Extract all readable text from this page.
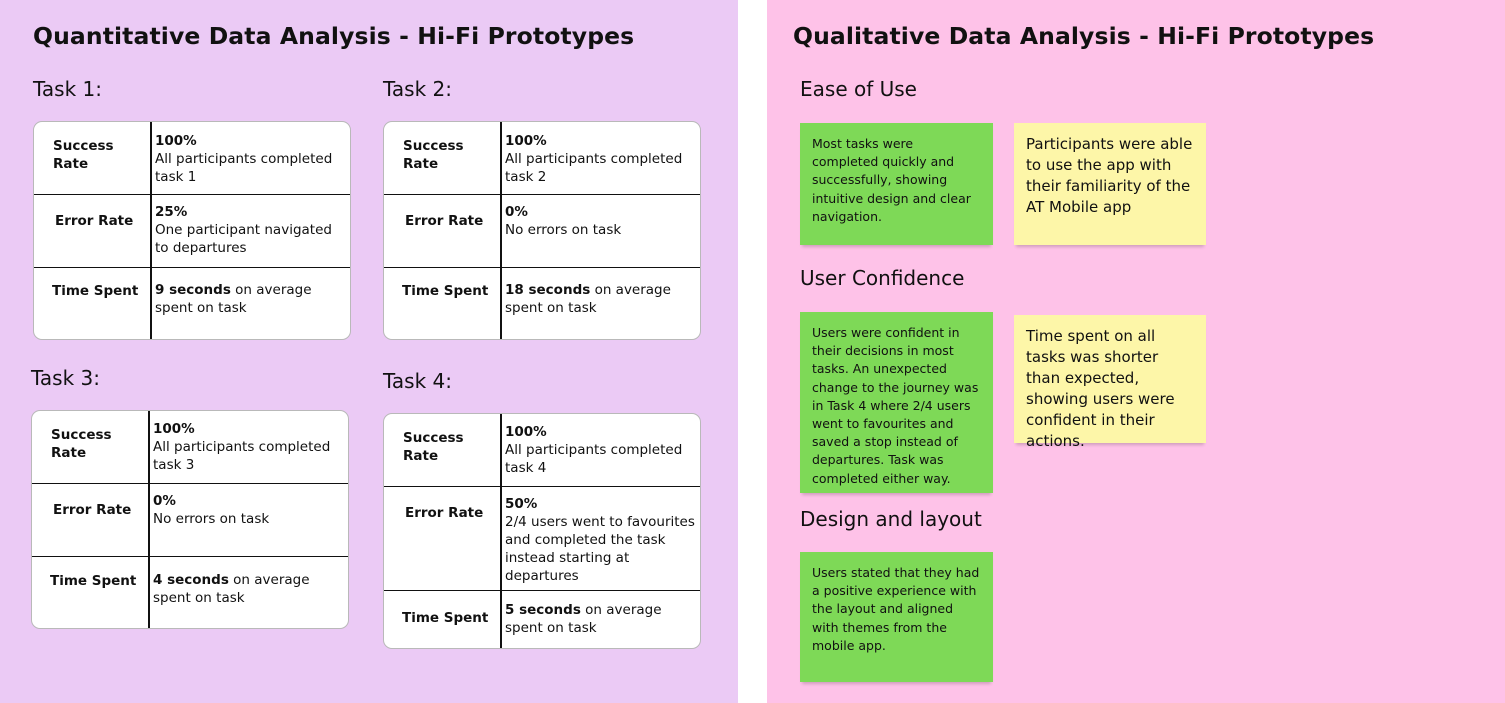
Quantitative Data Analysis - Hi-Fi Prototypes
Task 1:
Success Rate
100%
All participants completed task 1
Error Rate
25%
One participant navigated to departures
Time Spent 9 seconds on average spent on task
Task 2:
Success Rate
100%
All participants completed task 2
Error Rate
0%
No errors on task
Time Spent 18 seconds on average spent on task
Task 3:
Success Rate
100%
All participants completed task 3
Error Rate
0%
No errors on task
Time Spent 4 seconds on average spent on task
Task 4:
Success Rate
100%
All participants completed task 4
Error Rate
50%
2/4 users went to favourites and completed the task instead starting at departures
Time Spent 5 seconds on average spent on task
Qualitative Data Analysis - Hi-Fi Prototypes
Ease of Use
Most tasks were completed quickly and successfully, showing intuitive design and clear navigation.
Participants were able to use the app with their familiarity of the AT Mobile app
User Confidence
Users were confident in their decisions in most tasks. An unexpected change to the journey was in Task 4 where 2/4 users went to favourites and saved a stop instead of departures. Task was completed either way.
Time spent on all tasks was shorter than expected, showing users were confident in their actions.
Design and layout
Users stated that they had a positive experience with the layout and aligned with themes from the mobile app.
